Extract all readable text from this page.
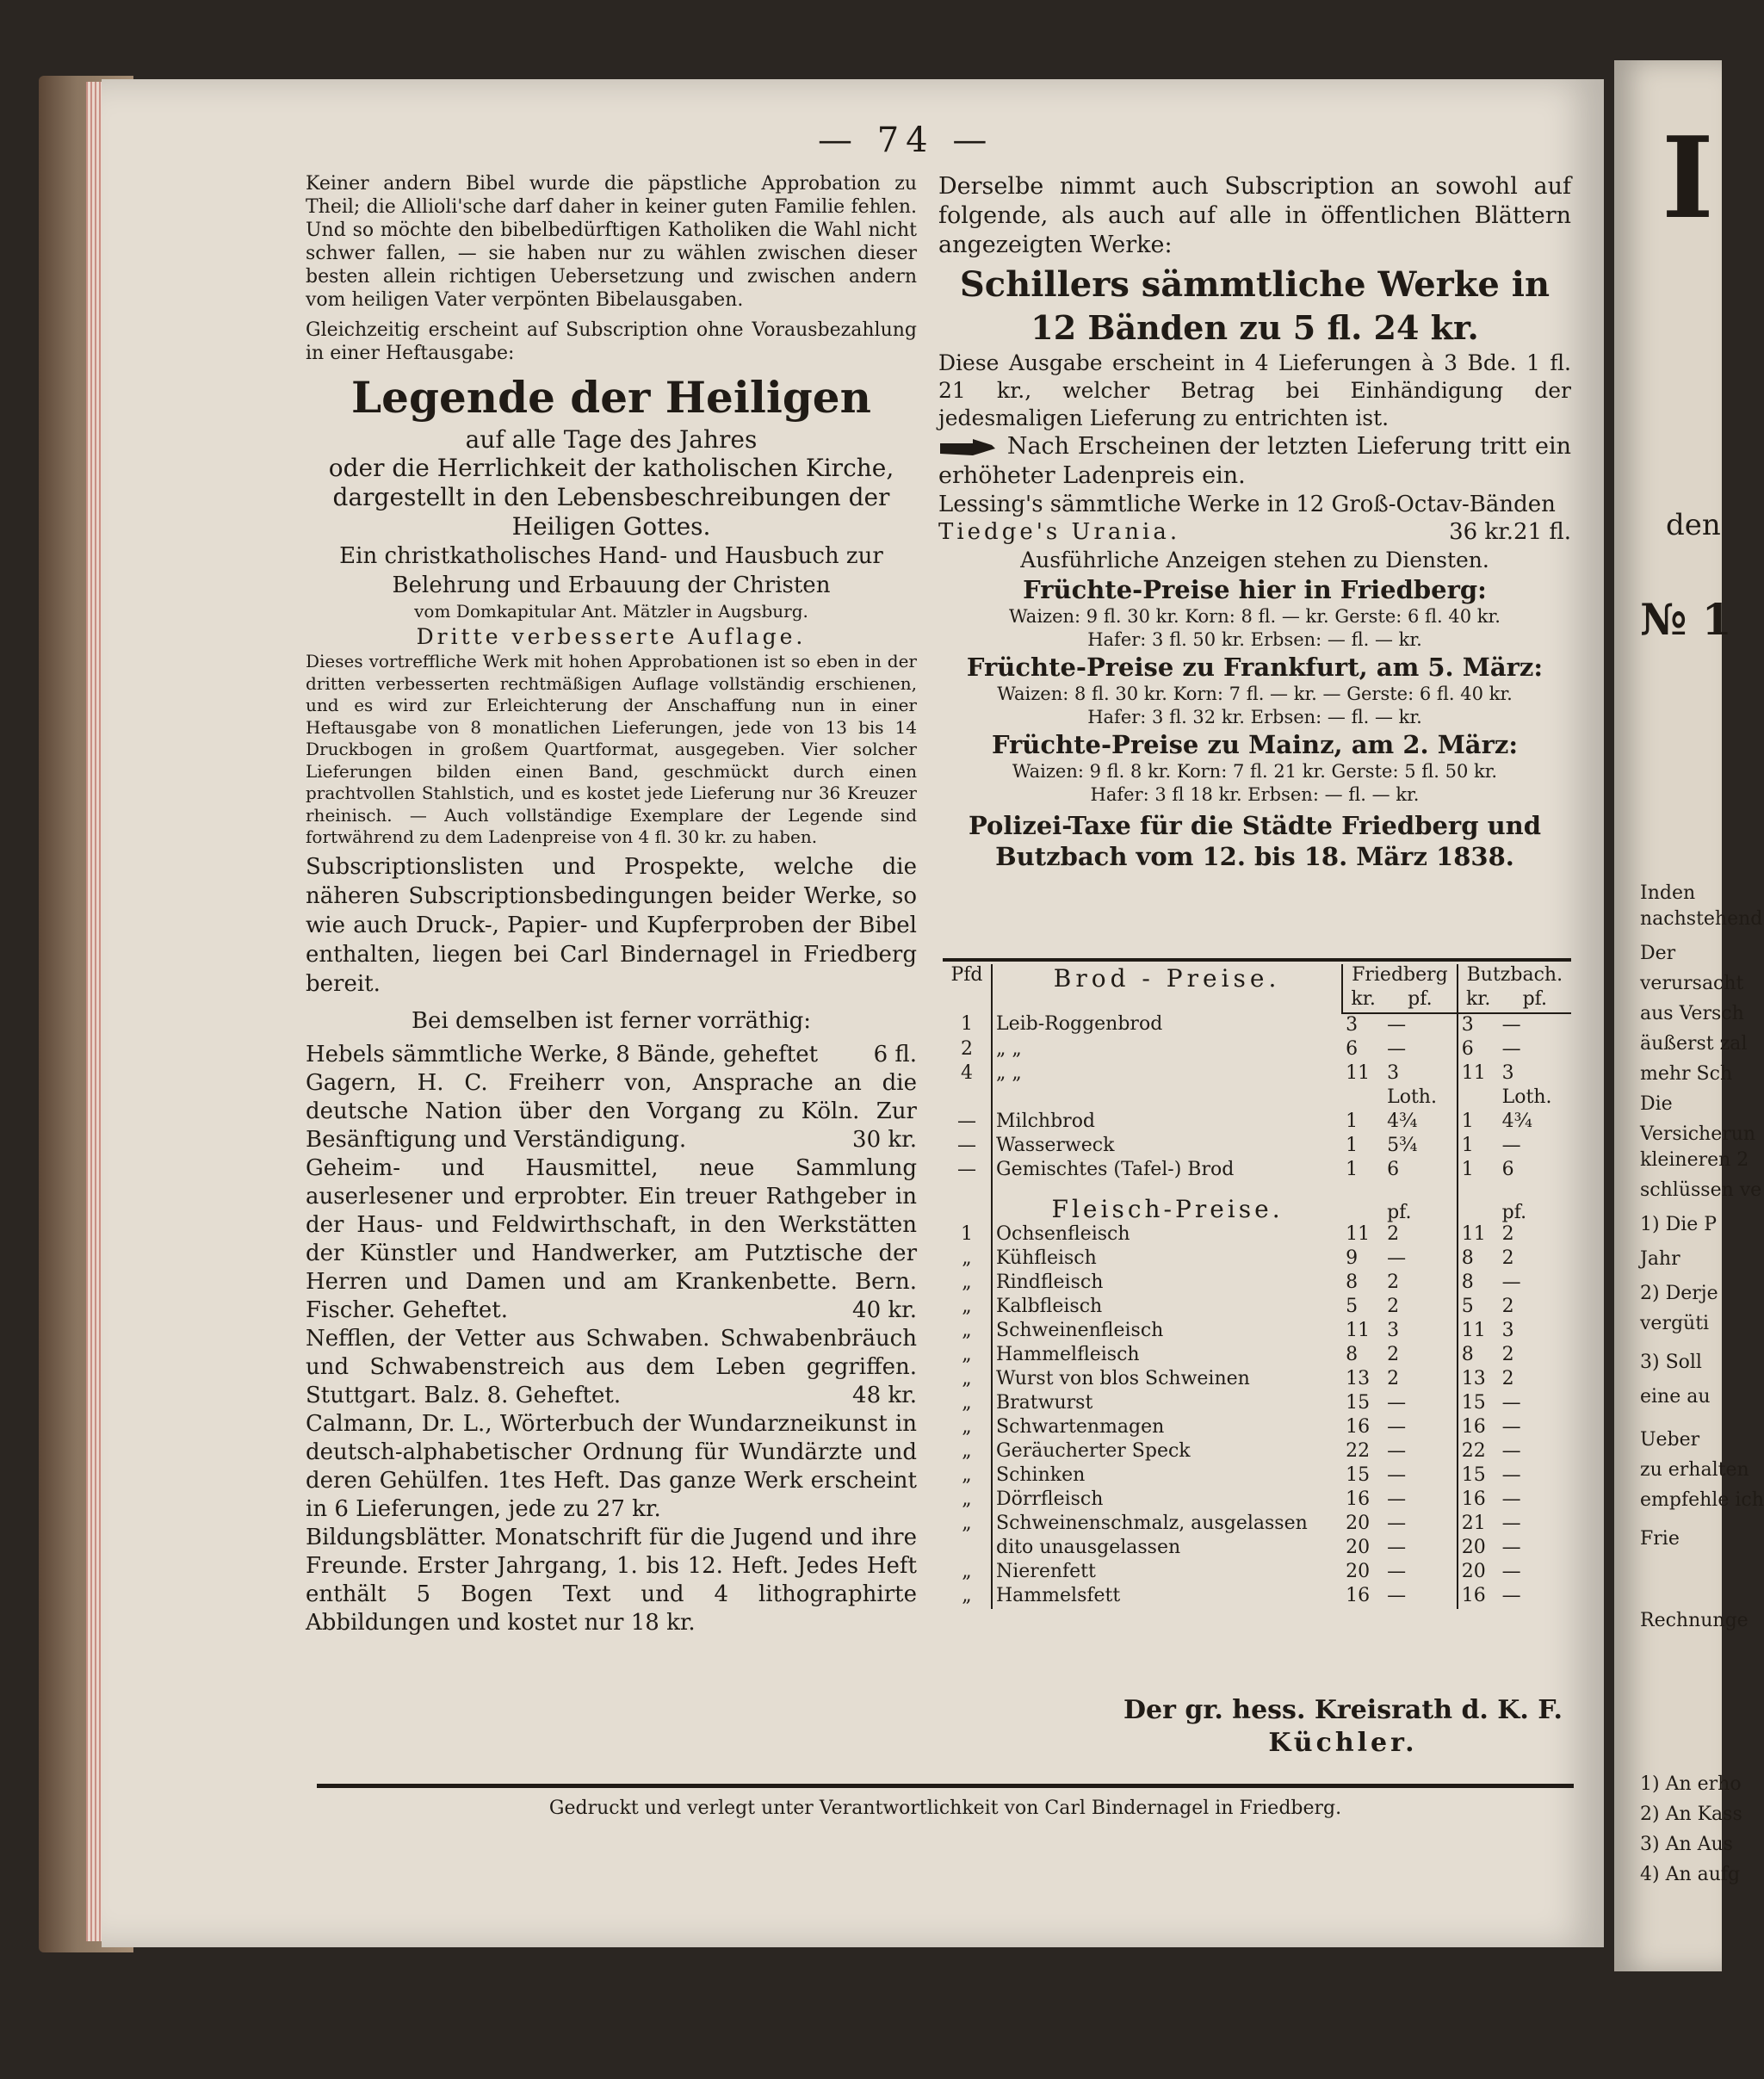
— 74 —

Keiner andern Bibel wurde die päpstliche Approbation zu Theil; die Allioli'sche darf daher in keiner guten Familie fehlen. Und so möchte den bibelbedürftigen Katholiken die Wahl nicht schwer fallen, — sie haben nur zu wählen zwischen dieser besten allein richtigen Uebersetzung und zwischen andern vom heiligen Vater verpönten Bibelausgaben.

Gleichzeitig erscheint auf Subscription ohne Vorausbezahlung in einer Heftausgabe:

Legende der Heiligen

auf alle Tage des Jahres

oder die Herrlichkeit der katholischen Kirche, dargestellt in den Lebensbeschreibungen der Heiligen Gottes.

Ein christkatholisches Hand- und Hausbuch zur Belehrung und Erbauung der Christen

vom Domkapitular Ant. Mätzler in Augsburg.

Dritte verbesserte Auflage.

Dieses vortreffliche Werk mit hohen Approbationen ist so eben in der dritten verbesserten rechtmäßigen Auflage vollständig erschienen, und es wird zur Erleichterung der Anschaffung nun in einer Heftausgabe von 8 monatlichen Lieferungen, jede von 13 bis 14 Druckbogen in großem Quartformat, ausgegeben. Vier solcher Lieferungen bilden einen Band, geschmückt durch einen prachtvollen Stahlstich, und es kostet jede Lieferung nur 36 Kreuzer rheinisch. — Auch vollständige Exemplare der Legende sind fortwährend zu dem Ladenpreise von 4 fl. 30 kr. zu haben.

Subscriptionslisten und Prospekte, welche die näheren Subscriptionsbedingungen beider Werke, so wie auch Druck-, Papier- und Kupferproben der Bibel enthalten, liegen bei Carl Bindernagel in Friedberg bereit.

Bei demselben ist ferner vorräthig:

Hebels sämmtliche Werke, 8 Bände, geheftet 6 fl.

Gagern, H. C. Freiherr von, Ansprache an die deutsche Nation über den Vorgang zu Köln. Zur Besänftigung und Verständigung.	30 kr.

Geheim- und Hausmittel, neue Sammlung auserlesener und erprobter. Ein treuer Rathgeber in der Haus- und Feldwirthschaft, in den Werkstätten der Künstler und Handwerker, am Putztische der Herren und Damen und am Krankenbette. Bern. Fischer. Geheftet.	40 kr.

Nefflen, der Vetter aus Schwaben. Schwabenbräuch und Schwabenstreich aus dem Leben gegriffen. Stuttgart. Balz. 8. Geheftet.	48 kr.

Calmann, Dr. L., Wörterbuch der Wundarzneikunst in deutsch-alphabetischer Ordnung für Wundärzte und deren Gehülfen. 1tes Heft. Das ganze Werk erscheint in 6 Lieferungen, jede zu 27 kr.

Bildungsblätter. Monatschrift für die Jugend und ihre Freunde. Erster Jahrgang, 1. bis 12. Heft. Jedes Heft enthält 5 Bogen Text und 4 lithographirte Abbildungen und kostet nur 18 kr.

Derselbe nimmt auch Subscription an sowohl auf folgende, als auch auf alle in öffentlichen Blättern angezeigten Werke:

Schillers sämmtliche Werke in
12 Bänden zu 5 fl. 24 kr.

Diese Ausgabe erscheint in 4 Lieferungen à 3 Bde. 1 fl. 21 kr., welcher Betrag bei Einhändigung der jedesmaligen Lieferung zu entrichten ist.

Nach Erscheinen der letzten Lieferung tritt ein erhöheter Ladenpreis ein.

Lessing's sämmtliche Werke in 12 Groß-Octav-Bänden
21 fl.

Tiedge's Urania.	36 kr.

Ausführliche Anzeigen stehen zu Diensten.

Früchte-Preise hier in Friedberg:

Waizen: 9 fl. 30 kr. Korn: 8 fl. — kr. Gerste: 6 fl. 40 kr.

Hafer: 3 fl. 50 kr. Erbsen: — fl. — kr.

Früchte-Preise zu Frankfurt, am 5. März:

Waizen: 8 fl. 30 kr. Korn: 7 fl. — kr. — Gerste: 6 fl. 40 kr.

Hafer: 3 fl. 32 kr. Erbsen: — fl. — kr.

Früchte-Preise zu Mainz, am 2. März:

Waizen: 9 fl. 8 kr. Korn: 7 fl. 21 kr. Gerste: 5 fl. 50 kr.

Hafer: 3 fl 18 kr. Erbsen: — fl. — kr.

Polizei-Taxe für die Städte Friedberg und Butzbach vom 12. bis 18. März 1838.

Pfd	Brod - Preise.	Friedberg		Butzbach.	
		kr.	pf.	kr.	pf.
1	Leib-Roggenbrod	3	—	3	—
2	„ „	6	—	6	—
4	„ „	11	3	11	3
			Loth.		Loth.
—	Milchbrod	1	4¾	1	4¾
—	Wasserweck	1	5¾	1	—
—	Gemischtes (Tafel-) Brod	1	6	1	6
	Fleisch-Preise.		pf.		pf.
1	Ochsenfleisch	11	2	11	2
„	Kühfleisch	9	—	8	2
„	Rindfleisch	8	2	8	—
„	Kalbfleisch	5	2	5	2
„	Schweinenfleisch	11	3	11	3
„	Hammelfleisch	8	2	8	2
„	Wurst von blos Schweinen	13	2	13	2
„	Bratwurst	15	—	15	—
„	Schwartenmagen	16	—	16	—
„	Geräucherter Speck	22	—	22	—
„	Schinken	15	—	15	—
„	Dörrfleisch	16	—	16	—
„	Schweinenschmalz, ausgelassen	20	—	21	—
	dito unausgelassen	20	—	20	—
„	Nierenfett	20	—	20	—
„	Hammelsfett	16	—	16	—
Der gr. hess. Kreisrath d. K. F.
Küchler.
Gedruckt und verlegt unter Verantwortlichkeit von Carl Bindernagel in Friedberg.
I
den
№ 1
Inden
nachstehend
Der
verursacht
aus Versch
äußerst zal
mehr Sch
Die
Versicherun
kleineren 2
schlüssen ve
1) Die P
Jahr
2) Derje
vergüti
3) Soll
eine au
Ueber
zu erhalten
empfehle ich
Frie
Rechnunge
1) An erho
2) An Kass
3) An Aus
4) An aufg
